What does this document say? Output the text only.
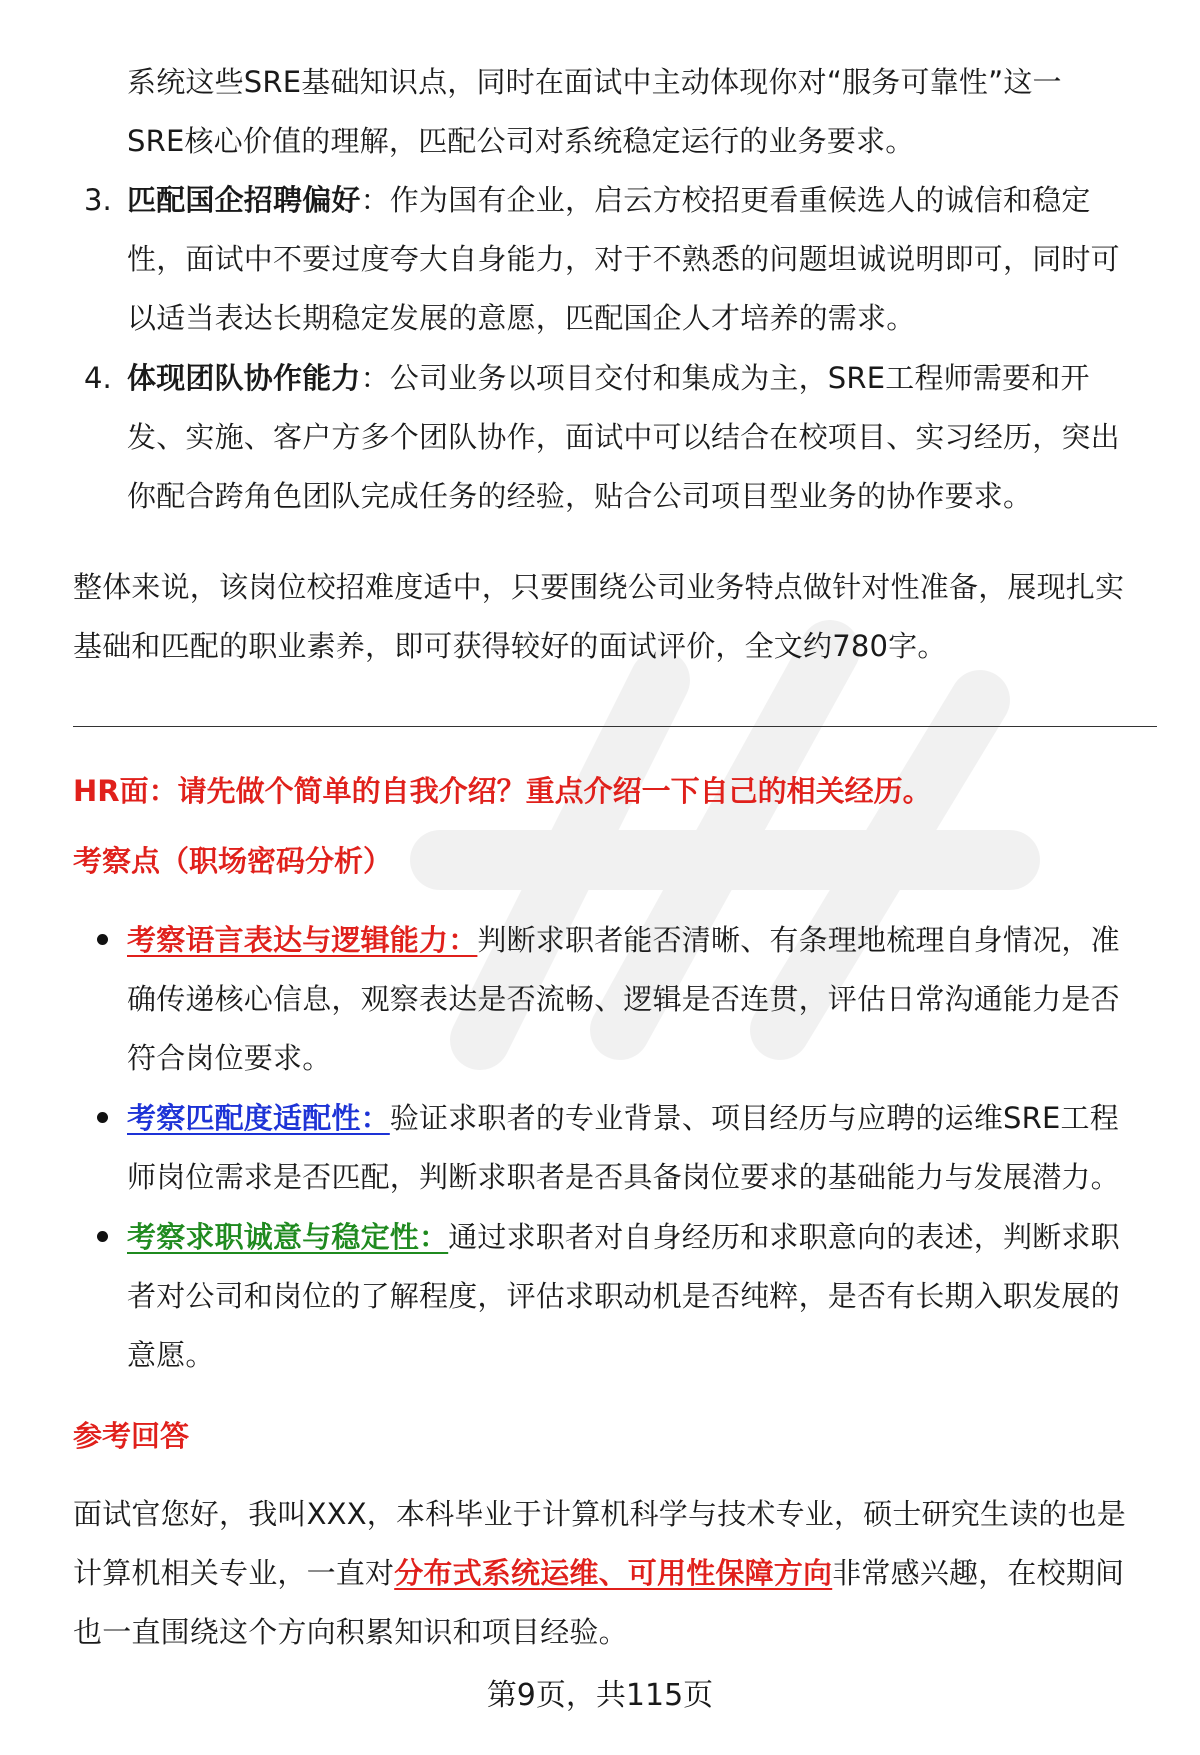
系统这些SRE基础知识点，同时在面试中主动体现你对“服务可靠性”这一
SRE核心价值的理解，匹配公司对系统稳定运行的业务要求。
3. 匹配国企招聘偏好：作为国有企业，启云方校招更看重候选人的诚信和稳定
性，面试中不要过度夸大自身能力，对于不熟悉的问题坦诚说明即可，同时可
以适当表达长期稳定发展的意愿，匹配国企人才培养的需求。
4. 体现团队协作能力：公司业务以项目交付和集成为主，SRE工程师需要和开
发、实施、客户方多个团队协作，面试中可以结合在校项目、实习经历，突出
你配合跨角色团队完成任务的经验，贴合公司项目型业务的协作要求。
整体来说，该岗位校招难度适中，只要围绕公司业务特点做针对性准备，展现扎实
基础和匹配的职业素养，即可获得较好的面试评价，全文约780字。
HR面：请先做个简单的自我介绍？重点介绍一下自己的相关经历。
考察点（职场密码分析）
考察语言表达与逻辑能力：判断求职者能否清晰、有条理地梳理自身情况，准
确传递核心信息，观察表达是否流畅、逻辑是否连贯，评估日常沟通能力是否
符合岗位要求。
考察匹配度适配性：验证求职者的专业背景、项目经历与应聘的运维SRE工程
师岗位需求是否匹配，判断求职者是否具备岗位要求的基础能力与发展潜力。
考察求职诚意与稳定性：通过求职者对自身经历和求职意向的表述，判断求职
者对公司和岗位的了解程度，评估求职动机是否纯粹，是否有长期入职发展的
意愿。
参考回答
面试官您好，我叫XXX，本科毕业于计算机科学与技术专业，硕士研究生读的也是
计算机相关专业，一直对分布式系统运维、可用性保障方向非常感兴趣，在校期间
也一直围绕这个方向积累知识和项目经验。
第9页，共115页
